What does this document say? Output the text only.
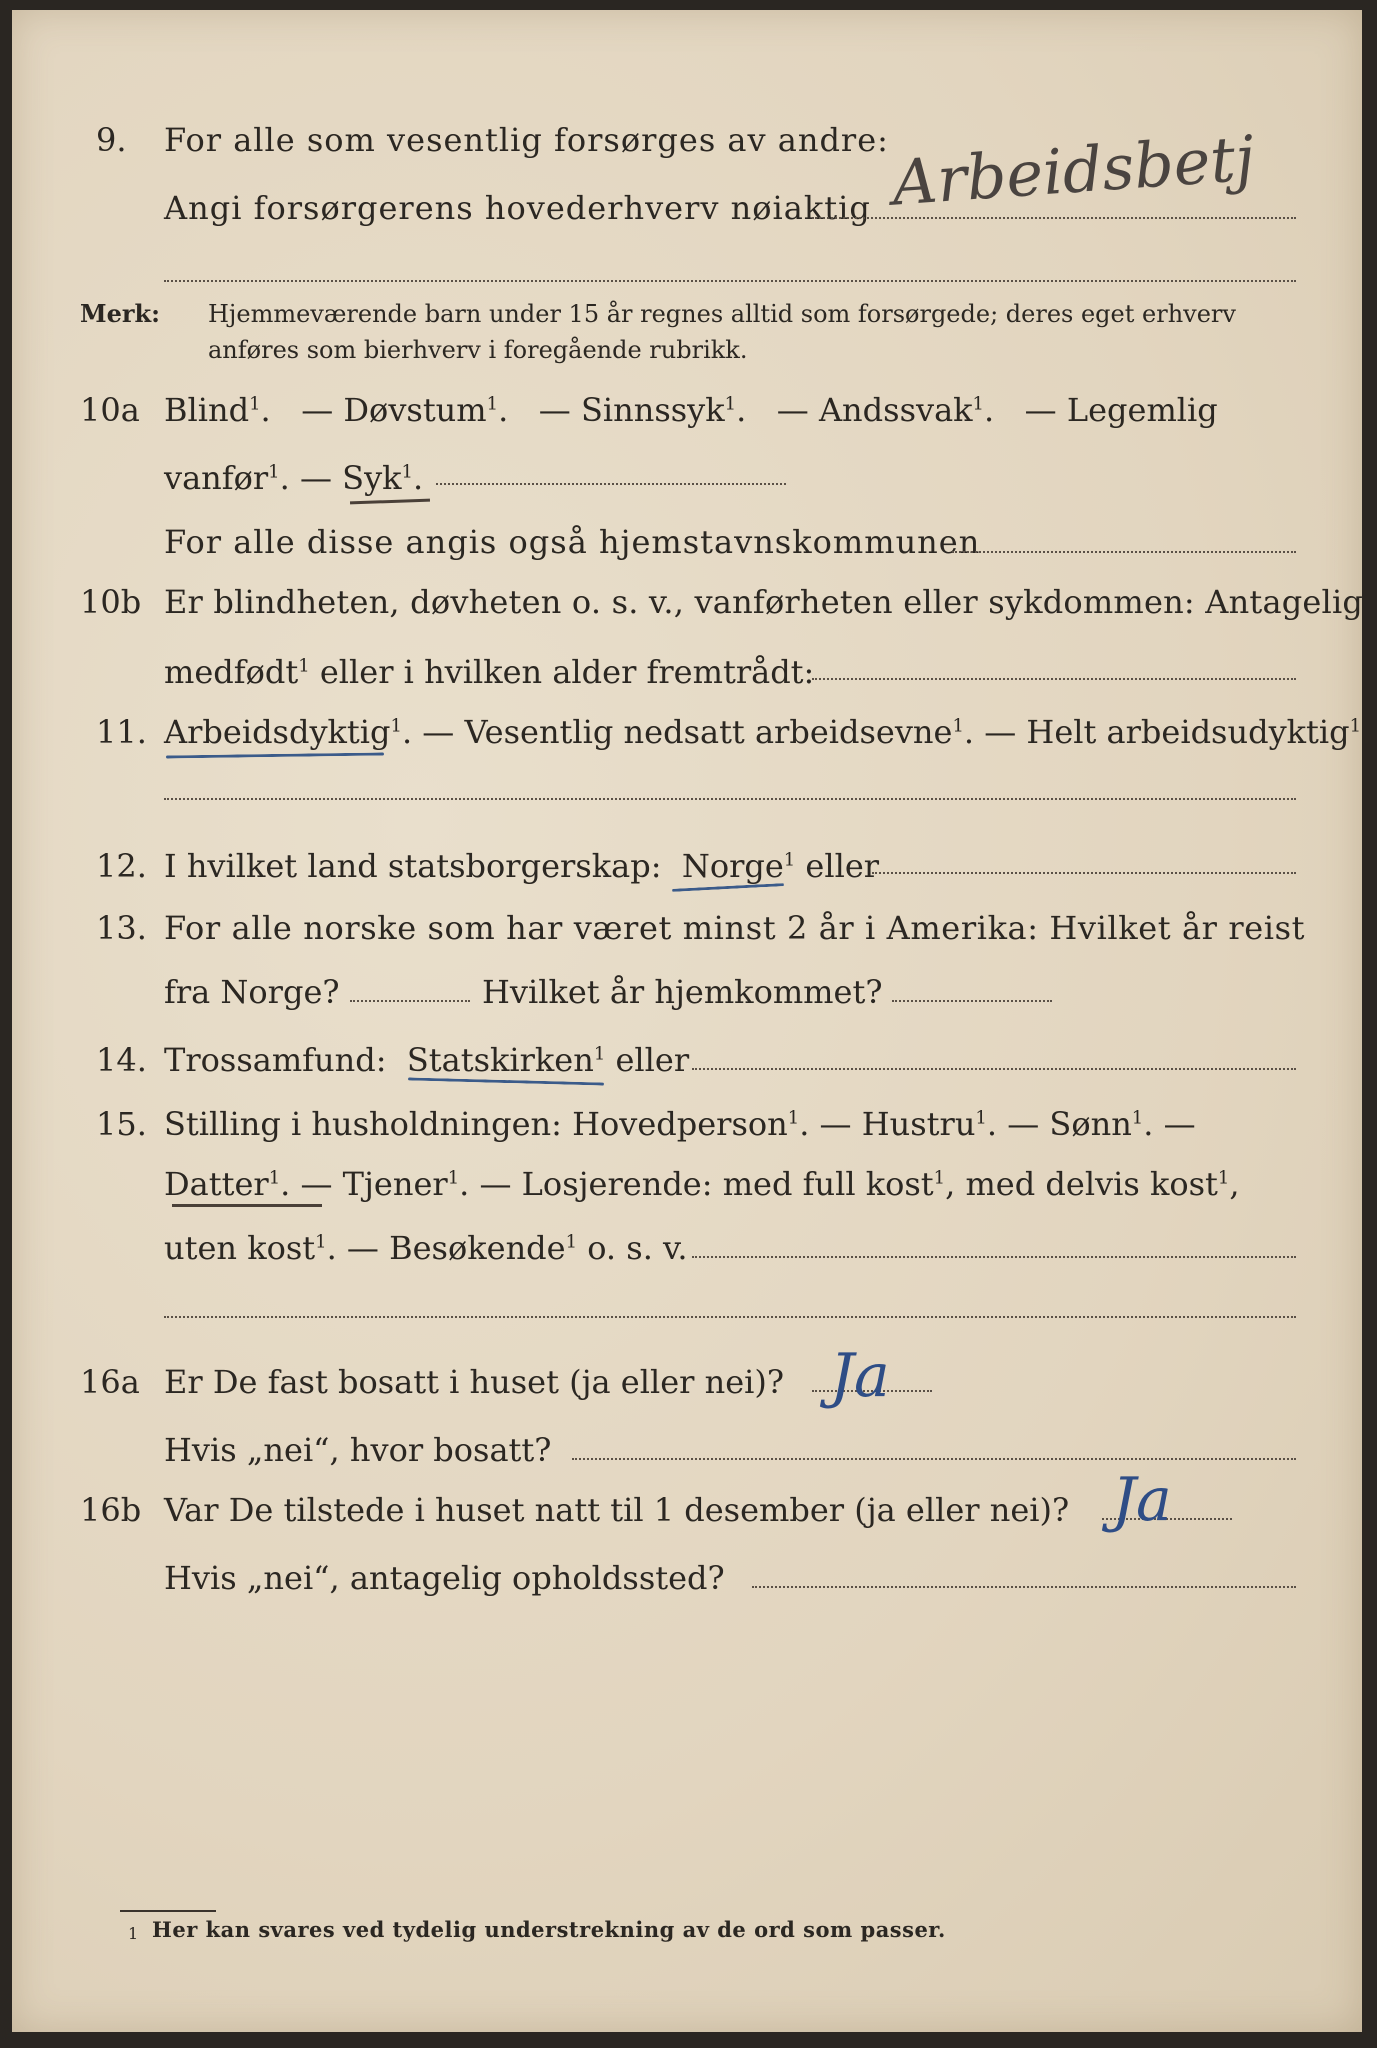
9. For alle som vesentlig forsørges av andre:
Angi forsørgerens hovederhverv nøiaktig Arbeidsbetj
Merk: Hjemmeværende barn under 15 år regnes alltid som forsørgede; deres eget erhverv
anføres som bierhverv i foregående rubrikk.
10a Blind$^1$. — Døvstum$^1$. — Sinnssyk$^1$. — Andssvak$^1$. — Legemlig
vanfør$^1$. — Syk$^1$.
For alle disse angis også hjemstavnskommunen
10b Er blindheten, døvheten o. s. v., vanførheten eller sykdommen: Antagelig
medfødt$^1$ eller i hvilken alder fremtrådt:
11. Arbeidsdyktig$^1$. — Vesentlig nedsatt arbeidsevne$^1$. — Helt arbeidsudyktig$^1$.
12. I hvilket land statsborgerskap: Norge$^1$ eller
13. For alle norske som har været minst 2 år i Amerika: Hvilket år reist
fra Norge?	Hvilket år hjemkommet?
14. Trossamfund: Statskirken$^1$ eller
15. Stilling i husholdningen: Hovedperson$^1$. — Hustru$^1$. — Sønn$^1$. —
Datter$^1$. — Tjener$^1$. — Losjerende: med full kost$^1$, med delvis kost$^1$,
uten kost$^1$. — Besøkende$^1$ o. s. v.
16a Er De fast bosatt i huset (ja eller nei)? Ja
Hvis „nei“, hvor bosatt?
16b Var De tilstede i huset natt til 1 desember (ja eller nei)? Ja
Hvis „nei“, antagelig opholdssted?
1 Her kan svares ved tydelig understrekning av de ord som passer.
